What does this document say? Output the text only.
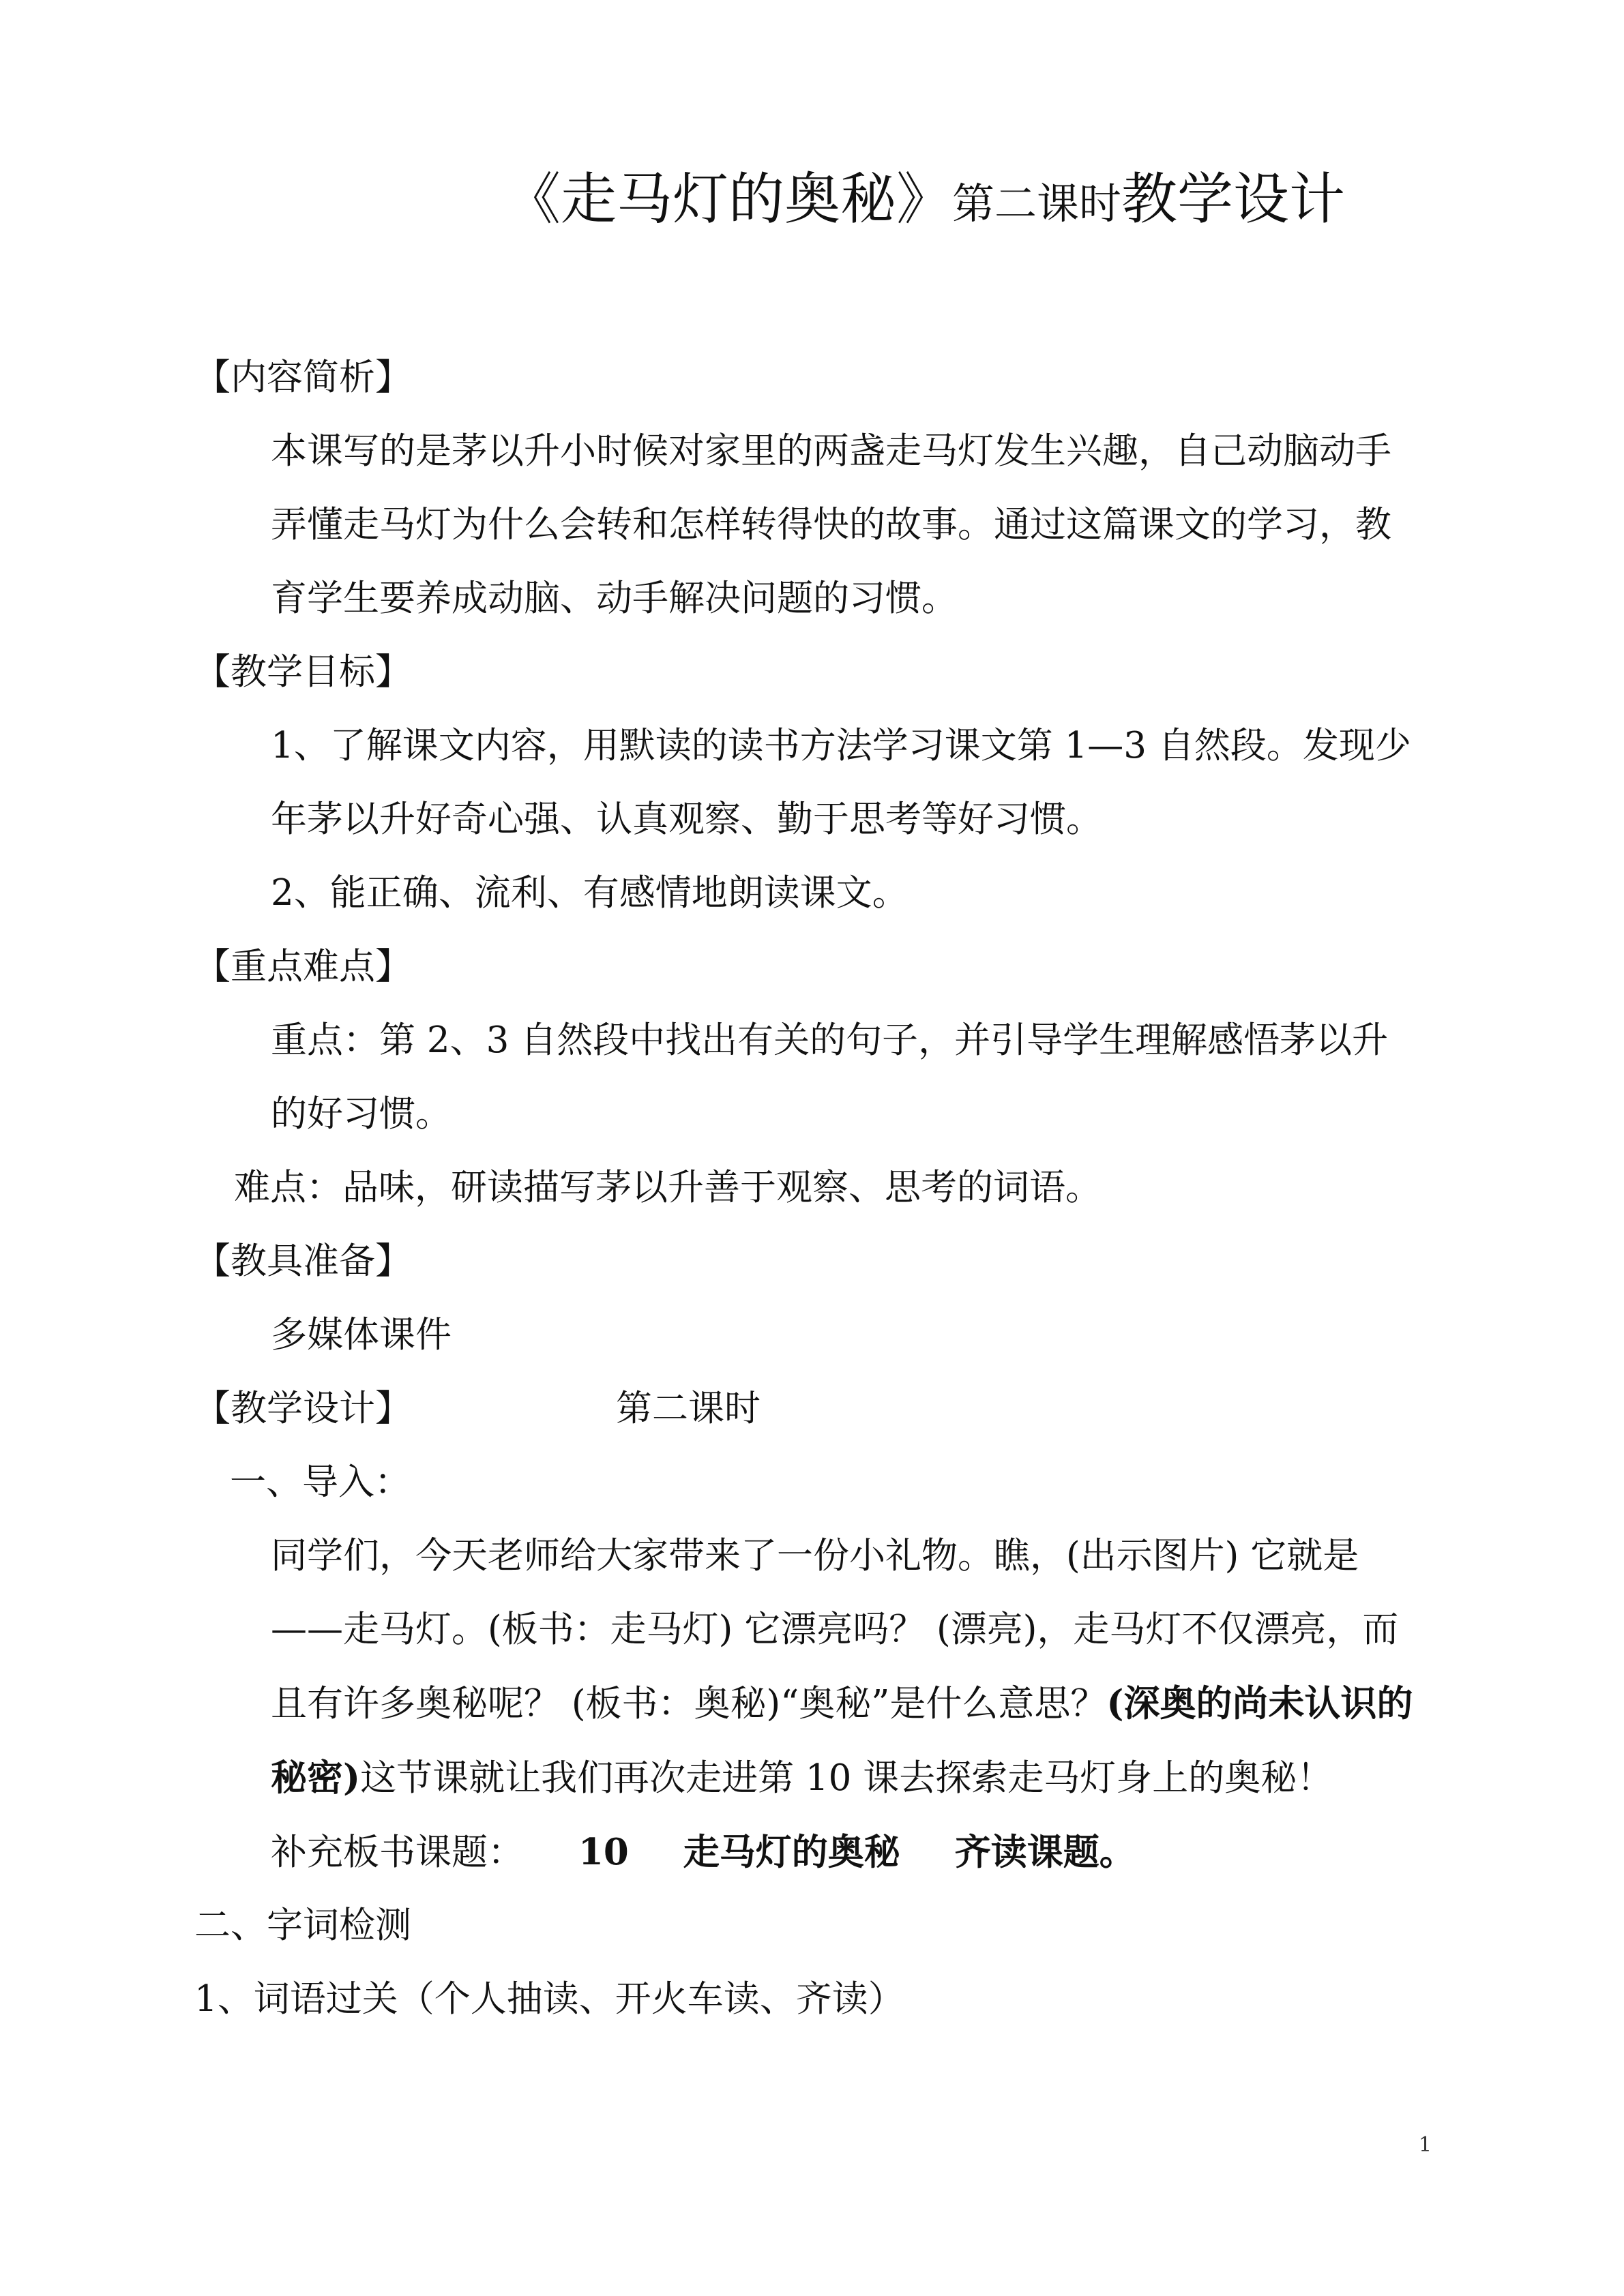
《走马灯的奥秘》第二课时教学设计
【内容简析】
本课写的是茅以升小时候对家里的两盏走马灯发生兴趣，自己动脑动手弄懂走马灯为什么会转和怎样转得快的故事。通过这篇课文的学习，教育学生要养成动脑、动手解决问题的习惯。
【教学目标】
1、了解课文内容，用默读的读书方法学习课文第 1—3 自然段。发现少年茅以升好奇心强、认真观察、勤于思考等好习惯。
2、能正确、流利、有感情地朗读课文。
【重点难点】
重点：第 2、3 自然段中找出有关的句子，并引导学生理解感悟茅以升的好习惯。
难点：品味，研读描写茅以升善于观察、思考的词语。
【教具准备】
多媒体课件
【教学设计】	第二课时
一、导入：
同学们，今天老师给大家带来了一份小礼物。瞧，(出示图片) 它就是——走马灯。(板书：走马灯) 它漂亮吗？ (漂亮)，走马灯不仅漂亮，而且有许多奥秘呢？ (板书：奥秘)“奥秘”是什么意思？(深奥的尚未认识的秘密)这节课就让我们再次走进第 10 课去探索走马灯身上的奥秘！
补充板书课题： 10 走马灯的奥秘 齐读课题。
二、字词检测
1、词语过关（个人抽读、开火车读、齐读）
1
